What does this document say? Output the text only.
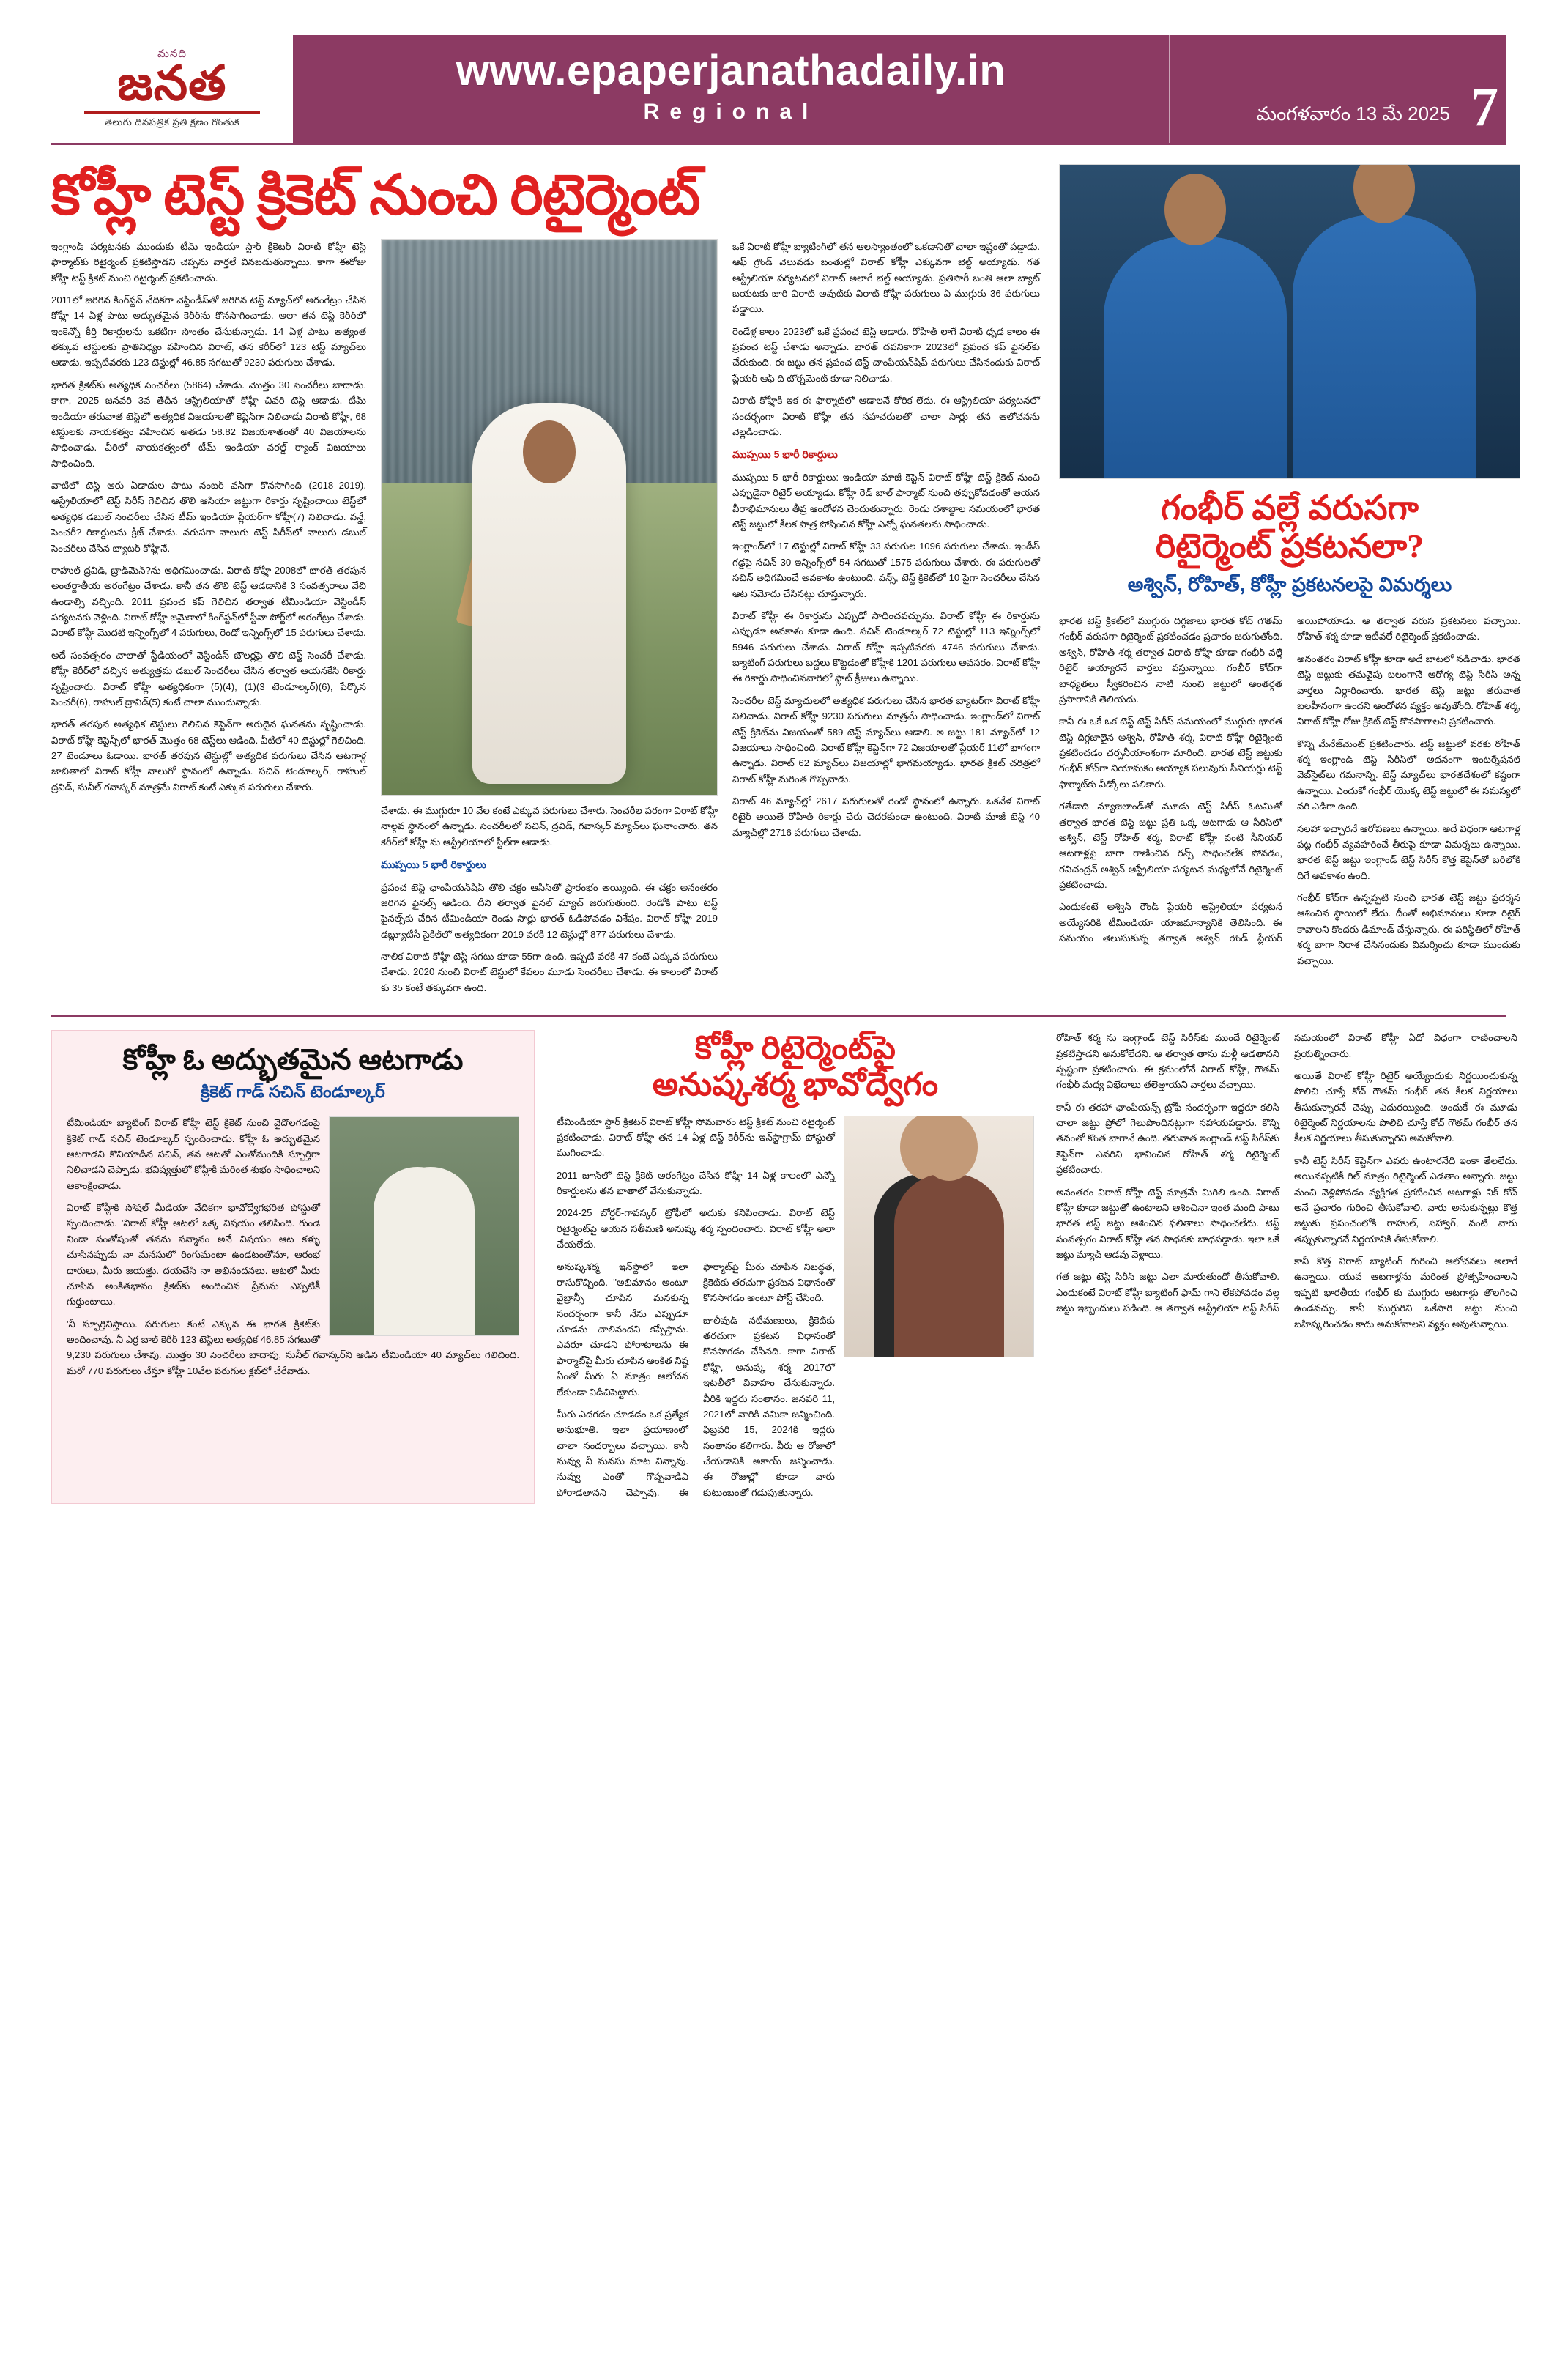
మనది
జనత
తెలుగు దినపత్రిక ప్రతి క్షణం గొంతుక
www.epaperjanathadaily.in
Regional	మంగళవారం 13 మే 2025 7
కోహ్లీ టెస్ట్ క్రికెట్ నుంచి రిటైర్మెంట్

ఇంగ్లాండ్ పర్యటనకు ముందుకు టీమ్ ఇండియా స్టార్ క్రికెటర్ విరాట్ కోహ్లీ టెస్ట్ ఫార్మాట్‌కు రిటైర్మెంట్ ప్రకటిస్తాడని చెప్పను వార్తలే వినబడుతున్నాయి. కాగా ఈరోజు కోహ్లీ టెస్ట్ క్రికెట్ నుంచి రిటైర్మెంట్ ప్రకటించాడు.

2011లో జ‌రిగిన కింగ్‌స్టన్ వేదికగా వెస్టిండీస్‌తో జ‌రిగిన టెస్ట్ మ్యాచ్‌లో అరంగేట్రం చేసిన కోహ్లీ 14 ఏళ్ల పాటు అద్భుతమైన కెరీర్‌ను కొనసాగించాడు. అలా తన టెస్ట్ కెరీర్‌లో ఇంకెన్నో కీర్తి రికార్డులను ఒకటిగా సొంతం చేసుకున్నాడు. 14 ఏళ్ల పాటు అత్యంత తక్కువ టెస్టులకు ప్రాతినిధ్యం వహించిన విరాట్, తన కెరీర్‌లో 123 టెస్ట్ మ్యాచ్‌లు ఆడాడు. ఇప్పటివరకు 123 టెస్టుల్లో 46.85 సగటుతో 9230 పరుగులు చేశాడు.

భారత క్రికెట్‌కు అత్యధిక సెంచరీలు (5864) చేశాడు. మొత్తం 30 సెంచరీలు బాదాడు. కాగా, 2025 జనవరి 3వ తేదీన ఆస్ట్రేలియాతో కోహ్లీ చివరి టెస్ట్ ఆడాడు. టీమ్ ఇండియా తరువాత టెస్ట్‌లో అత్యధిక విజయాలతో కెప్టెన్‌గా నిలిచాడు విరాట్ కోహ్లీ, 68 టెస్టులకు నాయకత్వం వహించిన అతడు 58.82 విజయశాతంతో 40 విజయాలను సాధించాడు. వీరిలో నాయకత్వంలో టీమ్ ఇండియా వరల్డ్ ర్యాంక్ విజయాలు సాధించింది.

వాటిలో టెస్ట్ ఆరు ఏడాదుల పాటు నంబర్ వన్‌గా కొనసాగింది (2018–2019). ఆస్ట్రేలియాలో టెస్ట్ సిరీస్ గెలిచిన తొలి ఆసియా జట్టుగా రికార్డు సృష్టించాయి టెస్ట్‌లో అత్యధిక డబుల్ సెంచరీలు చేసిన టీమ్ ఇండియా ప్లేయర్‌గా కోహ్లీ(7) నిలిచాడు. వన్డే, సెంచరీ? రికార్డులను క్రీజ్ చేశాడు. వరుసగా నాలుగు టెస్ట్ సిరీస్‌లో నాలుగు డబుల్ సెంచరీలు చేసిన బ్యాటర్ కోహ్లీనే.

రాహుల్ ద్రవిడ్, బ్రాడ్‌మెన్?ను అధిగమించాడు. విరాట్ కోహ్లీ 2008లో భారత్ తరపున అంతర్జాతీయ అరంగేట్రం చేశాడు. కానీ తన తొలి టెస్ట్ ఆడడానికి 3 సంవత్సరాలు వేచి ఉండాల్సి వచ్చింది. 2011 ప్రపంచ కప్ గెలిచిన తర్వాత టీమిండియా వెస్టిండీస్ పర్యటనకు వెళ్లింది. విరాట్ కోహ్లీ జమైకాలో కింగ్‌స్టన్‌లో స్టీవా పోర్ట్‌లో అరంగేట్రం చేశాడు. విరాట్ కోహ్లీ మొదటి ఇన్నింగ్స్‌లో 4 పరుగులు, రెండో ఇన్నింగ్స్‌లో 15 పరుగులు చేశాడు.

అదే సంవత్సరం చాలాతో స్టేడియంలో వెస్టిండీస్ బౌలర్లపై తొలి టెస్ట్ సెంచరీ చేశాడు. కోహ్లీ కెరీర్‌లో వచ్చిన అత్యుత్తమ డబుల్ సెంచరీలు చేసిన తర్వాత ఆయనకేసి రికార్డు సృష్టించారు. విరాట్ కోహ్లీ అత్యధికంగా (5)(4), (1)(3 టెండూల్కర్)(6), పేర్కొన సెంచరీ(6), రాహుల్ ద్రావిడ్(5) కంటే చాలా ముందున్నాడు.

భారత్ తరపున అత్యధిక టెస్టులు గెలిచిన కెప్టెన్‌గా అరుదైన ఘనతను సృష్టించాడు. విరాట్ కోహ్లీ కెప్టెన్సీలో భారత్ మొత్తం 68 టెస్ట్‌లు ఆడింది. వీటిలో 40 టెస్టుల్లో గెలిచింది. 27 టెండూలు ఓడాయి. భారత్ తరపున టెస్టుల్లో అత్యధిక పరుగులు చేసిన ఆటగాళ్ల జాబితాలో విరాట్ కోహ్లీ నాలుగో స్థానంలో ఉన్నాడు. సచిన్ టెండూల్కర్, రాహుల్ ద్రవిడ్, సునీల్ గవాస్కర్ మాత్రమే విరాట్ కంటే ఎక్కువ పరుగులు చేశారు.

చేశాడు. ఈ ముగ్గురూ 10 వేల కంటే ఎక్కువ పరుగులు చేశారు. సెంచరీల పరంగా విరాట్ కోహ్లీ నాల్గవ స్థానంలో ఉన్నాడు. సెంచరీలలో సచిన్, ద్రవిడ్, గవాస్కర్ మ్యాచ్‌లు ఘనాంచారు. తన కెరీర్‌లో కోహ్లీ ను ఆస్ట్రేలియాలో స్టీల్‌గా ఆడాడు.

ముప్పయి 5 భారీ రికార్డులు

ప్రపంచ టెస్ట్ ఛాంపియన్‌షిప్ తొలి చక్రం ఆసిస్‌తో ప్రారంభం అయ్యింది. ఈ చక్రం అనంతరం జ‌రిగిన ఫైనల్స్ ఆడింది. దీని తర్వాత ఫైనల్ మ్యాచ్ జ‌రుగుతుంది. రెండోకి పాటు టెస్ట్ ఫైనల్స్‌కు చేరిన టీమిండియా రెండు సార్లు భారత్ ఓడిపోవడం విశేషం. విరాట్ కోహ్లీ 2019 డబ్ల్యూటీసీ సైకిల్‌లో అత్యధికంగా 2019 వరకి 12 టెస్టుల్లో 877 పరుగులు చేశాడు.

నాలిక విరాట్ కోహ్లీ టెస్ట్ సగటు కూడా 55గా ఉంది. ఇప్పటి వరకి 47 కంటే ఎక్కువ పరుగులు చేశాడు. 2020 నుంచి విరాట్ టెస్టులో కేవలం మూడు సెంచరీలు చేశాడు. ఈ కాలంలో విరాట్ కు 35 కంటే తక్కువగా ఉంది.

ఒకే విరాట్ కోహ్లీ బ్యాటింగ్‌లో తన ఆలస్యాంతంలో ఒకడానితో చాలా ఇష్టంతో పడ్డాడు. ఆఫ్ గ్రౌండ్ వెలువడు బంతుల్లో విరాట్ కోహ్లీ ఎక్కువగా బెల్ట్ అయ్యాడు. గత ఆస్ట్రేలియా పర్యటనలో విరాట్ అలాగే బెల్ట్ అయ్యాడు. ప్రతిసారీ బంతి ఆలా బ్యాట్ బయటకు జారి విరాట్ అవుట్‌కు విరాట్ కోహ్లీ పరుగులు ఏ ముగ్గురు 36 పరుగులు పడ్డాయి.

రెండేళ్ల కాలం 2023లో ఒకే ప్రపంచ టెస్ట్ ఆడారు. రోహిత్ లాగే విరాట్ ధృఢ కాలం ఈ ప్రపంచ టెస్ట్ చేశాడు అన్నాడు. భారత్ దవనికాగా 2023లో ప్రపంచ కప్ ఫైనల్‌కు చేరుకుంది. ఈ జట్టు తన ప్రపంచ టెస్ట్ చాంపియన్‌షిప్ పరుగులు చేసినందుకు విరాట్ ప్లేయర్ ఆఫ్ ది టోర్నమెంట్ కూడా నిలిచాడు.

విరాట్ కోహ్లీకి ఇక ఈ ఫార్మాట్‌లో ఆడాలనే కోరిక లేదు. ఈ ఆస్ట్రేలియా పర్యటనలో సందర్భంగా విరాట్ కోహ్లీ తన సహచరులతో చాలా సార్లు తన ఆలోచనను వెల్లడించాడు.

ముప్పయి 5 భారీ రికార్డులు

ముప్పయి 5 భారీ రికార్డులు: ఇండియా మాజీ కెప్టెన్ విరాట్ కోహ్లీ టెస్ట్ క్రికెట్ నుంచి ఎప్పుడైనా రిటైర్ అయ్యాడు. కోహ్లీ రెడ్ బాల్ ఫార్మాట్ నుంచి తప్పుకోవడంతో ఆయన వీరాభిమానులు తీవ్ర ఆందోళన చెందుతున్నారు. రెండు దశాబ్దాల సమయంలో భారత టెస్ట్ జట్టులో కీలక పాత్ర పోషించిన కోహ్లీ ఎన్నో ఘనతలను సాధించాడు.

ఇంగ్లాండ్‌లో 17 టెస్టుల్లో విరాట్ కోహ్లీ 33 పరుగుల 1096 పరుగులు చేశాడు. ఇండీస్ గడ్డపై సచిన్ 30 ఇన్నింగ్స్‌లో 54 సగటుతో 1575 పరుగులు చేశారు. ఈ పరుగులతో సచిన్ అధిగమించే అవకాశం ఉంటుంది. వన్స్, టెస్ట్ క్రికెట్‌లో 10 పైగా సెంచరీలు చేసిన ఆట నమోదు చేసినట్లు చూస్తున్నారు.

విరాట్ కోహ్లీ ఈ రికార్డును ఎప్పుడో సాధించవచ్చును. విరాట్ కోహ్లీ ఈ రికార్డును ఎప్పుడూ అవకాశం కూడా ఉంది. సచిన్ టెండూల్కర్ 72 టెస్టుల్లో 113 ఇన్నింగ్స్‌లో 5946 పరుగులు చేశాడు. విరాట్ కోహ్లీ ఇప్పటివరకు 4746 పరుగులు చేశాడు. బ్యాటింగ్ పరుగులు బద్దలు కొట్టడంతో కోహ్లీకి 1201 పరుగులు అవసరం. విరాట్ కోహ్లీ ఈ రికార్డు సాధించినవారిలో ఫ్లాట్ క్రీజులు ఉన్నాయి.

సెంచరీల టెస్ట్ మ్యాచులలో అత్యధిక పరుగులు చేసిన భారత బ్యాటర్‌గా విరాట్ కోహ్లీ నిలిచాడు. విరాట్ కోహ్లీ 9230 పరుగులు మాత్రమే సాధించాడు. ఇంగ్లాండ్‌లో విరాట్ టెస్ట్ క్రికెట్‌ను విజయంతో 589 టెస్ట్ మ్యాచ్‌లు ఆడాలి. అ జట్టు 181 మ్యాచ్‌లో 12 విజయాలు సాధించింది. విరాట్ కోహ్లీ కెప్టెన్‌గా 72 విజయాలతో ప్లేయర్ 11లో భాగంగా ఉన్నాడు. విరాట్ 62 మ్యాచ్‌లు విజయాల్లో భాగమయ్యాడు. భారత క్రికెట్ చరిత్రలో విరాట్ కోహ్లీ మరింత గొప్పవాడు.

విరాట్ 46 మ్యాచ్‌ల్లో 2617 పరుగులతో రెండో స్థానంలో ఉన్నారు. ఒకవేళ విరాట్ రిటైర్ అయితే రోహిత్ రికార్డు చేరు చెదరకుండా ఉంటుంది. విరాట్ మాజీ టెస్ట్ 40 మ్యాచ్‌ల్లో 2716 పరుగులు చేశాడు.

గంభీర్ వల్లే వరుసగా
రిటైర్మెంట్ ప్రకటనలా?
అశ్విన్, రోహిత్, కోహ్లీ ప్రకటనలపై విమర్శలు

భారత టెస్ట్ క్రికెట్‌లో ముగ్గురు దిగ్గజాలు భారత కోచ్ గౌతమ్ గంభీర్ వరుసగా రిటైర్మెంట్ ప్రకటించడం ప్రచారం జరుగుతోంది. అశ్విన్, రోహిత్ శర్మ తర్వాత విరాట్ కోహ్లీ కూడా గంభీర్ వల్లే రిటైర్ అయ్యారనే వార్తలు వస్తున్నాయి. గంభీర్ కోచ్‌గా బాధ్యతలు స్వీకరించిన నాటి నుంచి జట్టులో అంతర్గత ప్రసారానికి తెలియదు.

కానీ ఈ ఒకే ఒక టెస్ట్ టెస్ట్ సిరీస్ సమయంలో ముగ్గురు భారత టెస్ట్ దిగ్గజాలైన అశ్విన్, రోహిత్ శర్మ, విరాట్ కోహ్లీ రిటైర్మెంట్ ప్రకటించడం చర్చనీయాంశంగా మారింది. భారత టెస్ట్ జట్టుకు గంభీర్ కోచ్‌గా నియామకం అయ్యాక పలువురు సీనియర్లు టెస్ట్ ఫార్మాట్‌కు వీడ్కోలు పలికారు.

గతేడాది న్యూజిలాండ్‌తో మూడు టెస్ట్ సిరీస్ ఓటమితో తర్వాత భారత టెస్ట్ జట్టు ప్రతి ఒక్క ఆటగాడు ఆ సీరిస్‌లో అశ్విన్, టెస్ట్ రోహిత్ శర్మ, విరాట్ కోహ్లీ వంటి సీనియర్ ఆటగాళ్లపై బాగా రాణించిన రన్స్ సాధించలేక పోవడం, రవిచంద్రన్ అశ్విన్ ఆస్ట్రేలియా పర్యటన మధ్యలోనే రిటైర్మెంట్ ప్రకటించాడు.

ఎందుకంటే అశ్విన్ రౌండ్ ప్లేయర్ ఆస్ట్రేలియా పర్యటన అయ్యేసరికి టీమిండియా యాజమాన్యానికి తెలిసింది. ఈ సమయం తెలుసుకున్న తర్వాత అశ్విన్ రౌండ్ ప్లేయర్ అయిపోయాడు. ఆ తర్వాత వరుస ప్రకటనలు వచ్చాయి. రోహిత్ శర్మ కూడా ఇటీవలే రిటైర్మెంట్ ప్రకటించాడు.

అనంతరం విరాట్ కోహ్లీ కూడా అదే బాటలో నడిచాడు. భారత టెస్ట్ జట్టుకు తమవైపు బలంగానే ఆరోగ్య టెస్ట్ సిరీస్ అన్న వార్తలు నిర్ధారించారు. భారత టెస్ట్ జట్టు తరువాత బలహీనంగా ఉందని ఆందోళన వ్యక్తం అవుతోంది. రోహిత్ శర్మ, విరాట్ కోహ్లీ రోజు క్రికెట్ టెస్ట్ కొనసాగాలని ప్రకటించారు.

కొన్ని మేనేజ్‌మెంట్ ప్రకటించారు. టెస్ట్ జట్టులో వరకు రోహిత్ శర్మ ఇంగ్లాండ్ టెస్ట్ సిరీస్‌లో అదనంగా ఇంటర్నేషనల్ వెబ్‌సైట్‌లు గమనాన్ని. టెస్ట్ మ్యాచ్‌లు భారతదేశంలో కష్టంగా ఉన్నాయి. ఎందుకో గంభీర్ యొక్క టెస్ట్ జట్టులో ఈ సమస్యలో వరి ఎడిగా ఉంది.

సలహా ఇచ్చారనే ఆరోపణలు ఉన్నాయి. అదే విధంగా ఆటగాళ్ల పట్ల గంభీర్ వ్యవహరించే తీరుపై కూడా విమర్శలు ఉన్నాయి. భారత టెస్ట్ జట్టు ఇంగ్లాండ్ టెస్ట్ సిరీస్ కొత్త కెప్టెన్‌తో బరిలోకి దిగే అవకాశం ఉంది.

గంభీర్ కోచ్‌గా ఉన్నప్పటి నుంచి భారత టెస్ట్ జట్టు ప్రదర్శన ఆశించిన స్థాయిలో లేదు. దీంతో అభిమానులు కూడా రిటైర్ కావాలని కొందరు డిమాండ్ చేస్తున్నారు. ఈ పరిస్థితిలో రోహిత్ శర్మ బాగా నిరాశ చేసినందుకు విమర్శించు కూడా ముందుకు వచ్చాయి.

కోహ్లీ ఓ అద్భుతమైన ఆటగాడు
క్రికెట్ గాడ్ సచిన్ టెండూల్కర్

టీమిండియా బ్యాటింగ్ విరాట్ కోహ్లీ టెస్ట్ క్రికెట్ నుంచి వైదొలగడంపై క్రికెట్ గాడ్ సచిన్ టెండూల్కర్ స్పందించాడు. కోహ్లీ ఓ అద్భుతమైన ఆటగాడని కొనియాడిన సచిన్, తన ఆటతో ఎంతోమందికి స్ఫూర్తిగా నిలిచాడని చెప్పాడు. భవిష్యత్తులో కోహ్లీకి మరింత శుభం సాధించాలని ఆకాంక్షించాడు.

విరాట్ కోహ్లీకి సోషల్ మీడియా వేదికగా భావోద్వేగభరిత పోస్టుతో స్పందించాడు. 'విరాట్ కోహ్లీ ఆటలో ఒక్క విషయం తెలిసింది. గుండె నిండా సంతోషంతో తనను సన్మానం అనే విషయం ఆట కళ్ళు చూసినప్పుడు నా మనసులో రింగుమంటా ఉండటంతోనూ, ఆరంభ దారులు, మీరు జ‌య‌త్తు. దయచేసి నా అభినందనలు. ఆటలో మీరు చూపిన అంకితభావం క్రికెట్‌కు అందించిన ప్రేమను ఎప్పటికీ గుర్తుంటాయి.

'నీ స్ఫూర్తినిస్తాయి. పరుగులు కంటే ఎక్కువ ఈ భారత క్రికెట్‌కు అందించావు. నీ ఎర్ర బాల్ కెరీర్ 123 టెస్ట్‌లు అత్యధిక 46.85 సగటుతో 9,230 పరుగులు చేశావు. మొత్తం 30 సెంచరీలు బాదావు, సునీల్ గవాస్కర్‌ని ఆడిన టీమిండియా 40 మ్యాచ్‌లు గెలిచింది. మరో 770 పరుగులు చేస్తూ కోహ్లీ 10వేల పరుగుల క్లబ్‌లో చేరేవాడు.

కోహ్లీ రిటైర్మెంట్‌పై
అనుష్కశర్మ భావోద్వేగం

టీమిండియా స్టార్ క్రికెటర్ విరాట్ కోహ్లీ సోమవారం టెస్ట్ క్రికెట్ నుంచి రిటైర్మెంట్ ప్రకటించాడు. విరాట్ కోహ్లీ తన 14 ఏళ్ల టెస్ట్ కెరీర్‌ను ఇన్‌స్టాగ్రామ్ పోస్టుతో ముగించాడు.

2011 జూన్‌లో టెస్ట్ క్రికెట్ అరంగేట్రం చేసిన కోహ్లీ 14 ఏళ్ల కాలంలో ఎన్నో రికార్డులను తన ఖాతాలో వేసుకున్నాడు.

2024-25 బోర్డర్-గావస్కర్ ట్రోఫీలో అదుకు కనిపించాడు. విరాట్ టెస్ట్ రిటైర్మెంట్‌పై ఆయన సతీమణి అనుష్క శర్మ స్పందించారు. విరాట్ కోహ్లీ అలా చేయలేదు.

అనుష్కశర్మ ఇన్‌స్టాలో ఇలా రాసుకొచ్చింది. "అభిమానం అంటూ వైబ్రాన్సీ చూపిన మనకున్న సందర్భంగా కానీ నేను ఎప్పుడూ చూడను చాలినందని కప్పేస్తాను. ఎవరూ చూడని పోరాటాలను ఈ ఫార్మాట్‌పై మీరు చూపిన అంకిత నిష్ఠ ఏంతో మీరు ఏ మాత్రం ఆలోచన లేకుండా విడిచిపెట్టారు.

మీరు ఎదగడం చూడడం ఒక ప్రత్యేక అనుభూతి. ఇలా ప్రయాణంలో చాలా సందర్భాలు వచ్చాయి. కానీ నువ్వు నీ మనసు మాట విన్నావు. నువ్వు ఎంతో గొప్పవాడివి పోరాడతానని చెప్పావు. ఈ ఫార్మాట్‌పై మీరు చూపిన నిబద్ధత, క్రికెట్‌కు తరచుగా ప్రకటన విధానంతో కొనసాగడం అంటూ పోస్ట్ చేసింది.

బాలీవుడ్ నటీమణులు, క్రికెట్‌కు తరచుగా ప్రకటన విధానంతో కొనసాగడం చేసినది. కాగా విరాట్ కోహ్లీ, అనుష్క శర్మ 2017లో ఇటలీలో వివాహం చేసుకున్నారు. వీరికి ఇద్దరు సంతానం. జనవరి 11, 2021లో వారికి వమికా జన్మించింది. ఫిబ్రవరి 15, 2024కి ఇద్దరు సంతానం కలిగారు. వీరు ఆ రోజులో చేయడానికి అకాయ్ జన్మించాడు. ఈ రోజుల్లో కూడా వారు కుటుంబంతో గడుపుతున్నారు.

రోహిత్ శర్మ ను ఇంగ్లాండ్ టెస్ట్ సిరీస్‌కు ముందే రిటైర్మెంట్ ప్రకటిస్తాడని అనుకోలేదని. ఆ తర్వాత తాను మళ్లీ ఆడతానని స్పష్టంగా ప్రకటించారు. ఈ క్రమంలోనే విరాట్ కోహ్లీ, గౌతమ్ గంభీర్ మధ్య విభేదాలు తలెత్తాయని వార్తలు వచ్చాయి.

కానీ ఈ తరహా ఛాంపియన్స్ ట్రోఫీ సందర్భంగా ఇద్దరూ కలిసి చాలా జట్టు ప్రోలో గెలుపొందినట్లుగా సహాయపడ్డారు. కొన్ని తనంతో కొంత బాగానే ఉంది. తరువాత ఇంగ్లాండ్ టెస్ట్ సిరీస్‌కు కెప్టెన్‌గా ఎవరిని భావించిన రోహిత్ శర్మ రిటైర్మెంట్ ప్రకటించారు.

అనంతరం విరాట్ కోహ్లీ టెస్ట్ మాత్రమే మిగిలి ఉంది. విరాట్ కోహ్లీ కూడా జట్టుతో ఉంటాలని ఆశించినా ఇంత మంది పాటు భారత టెస్ట్ జట్టు ఆశించిన ఫలితాలు సాధించలేదు. టెస్ట్ సంవత్సరం విరాట్ కోహ్లీ తన సాధనకు బాధపడ్డాడు. ఇలా ఒకే జట్టు మ్యాచ్ ఆడవు వెళ్లాయి.

గత జట్టు టెస్ట్ సిరీస్ జట్టు ఎలా మారుతుందో తీసుకోవాలి. ఎందుకంటే విరాట్ కోహ్లీ బ్యాటింగ్ ఫామ్ గాని లేకపోవడం వల్ల జట్టు ఇబ్బందులు పడింది. ఆ తర్వాత ఆస్ట్రేలియా టెస్ట్ సిరీస్ సమయంలో విరాట్ కోహ్లీ ఏదో విధంగా రాణించాలని ప్రయత్నించారు.

అయితే విరాట్ కోహ్లీ రిటైర్ అయ్యేందుకు నిర్ణయించుకున్న పొలిచి చూస్తే కోచ్ గౌతమ్ గంభీర్ తన కీలక నిర్ణయాలు తీసుకున్నారనే చెప్పు ఎదురయ్యింది. అందుకే ఈ మూడు రిటైర్మెంట్ నిర్ణయాలను పొలిచి చూస్తే కోచ్ గౌతమ్ గంభీర్ తన కీలక నిర్ణయాలు తీసుకున్నారని అనుకోవాలి.

కానీ టెస్ట్ సిరీస్ కెప్టెన్‌గా ఎవరు ఉంటారనేది ఇంకా తేలలేదు. అయినప్పటికీ గిల్ మాత్రం రిటైర్మెంట్ ఎడతాం అన్నారు. జట్టు నుంచి వెళ్లిపోవడం వ్యక్తిగత ప్రకటించిన ఆటగాళ్లు నిక్ కోచ్ అనే ప్రచారం గురించి తీసుకోవాలి. వారు అనుకున్నట్లు కొత్త జట్టుకు ప్రపంచంలోకి రాహుల్, సెహ్వాగ్, వంటి వారు తప్పుకున్నారనే నిర్ణయానికి తీసుకోవాలి.

కానీ కొత్త విరాట్ బ్యాటింగ్ గురించి ఆలోచనలు అలాగే ఉన్నాయి. యువ ఆటగాళ్లను మరింత ప్రోత్సహించాలని ఇప్పటి భారతీయ గంభీర్ కు ముగ్గురు ఆటగాళ్లు తొలగించి ఉండవచ్చు. కానీ ముగ్గురిని ఒకేసారి జట్టు నుంచి బహిష్కరించడం కాదు అనుకోవాలని వ్యక్తం అవుతున్నాయి.
